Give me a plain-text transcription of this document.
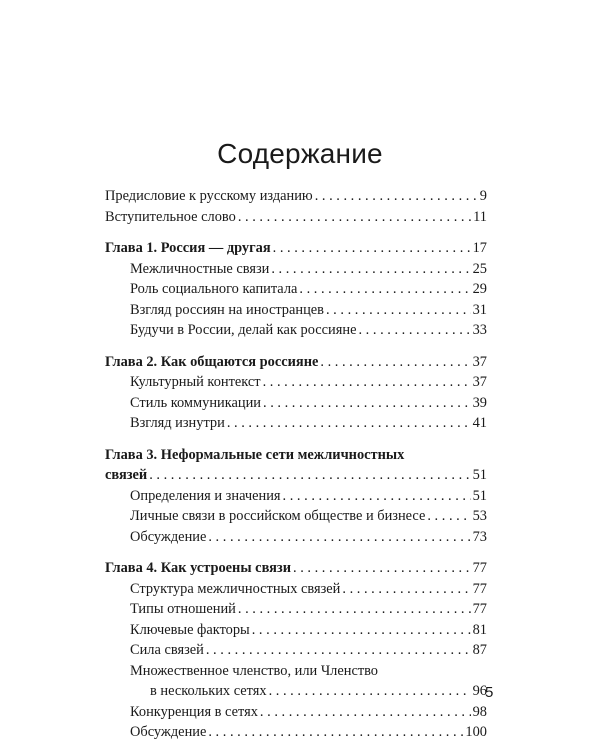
Содержание
Предисловие к русскому изданию . . .	9
Вступительное слово . . .	11
Глава 1. Россия — другая . . .	17
Межличностные связи . . .	25
Роль социального капитала . . .	29
Взгляд россиян на иностранцев . . .	31
Будучи в России, делай как россияне . . .	33
Глава 2. Как общаются россияне . . .	37
Культурный контекст . . .	37
Стиль коммуникации . . .	39
Взгляд изнутри . . .	41
Глава 3. Неформальные сети межличностных
связей . . .	51
Определения и значения . . .	51
Личные связи в российском обществе и бизнесе . . .	53
Обсуждение . . .	73
Глава 4. Как устроены связи . . .	77
Структура межличностных связей . . .	77
Типы отношений . . .	77
Ключевые факторы . . .	81
Сила связей . . .	87
Множественное членство, или Членство
в нескольких сетях . . .	96
Конкуренция в сетях . . .	98
Обсуждение . . .	100
5
